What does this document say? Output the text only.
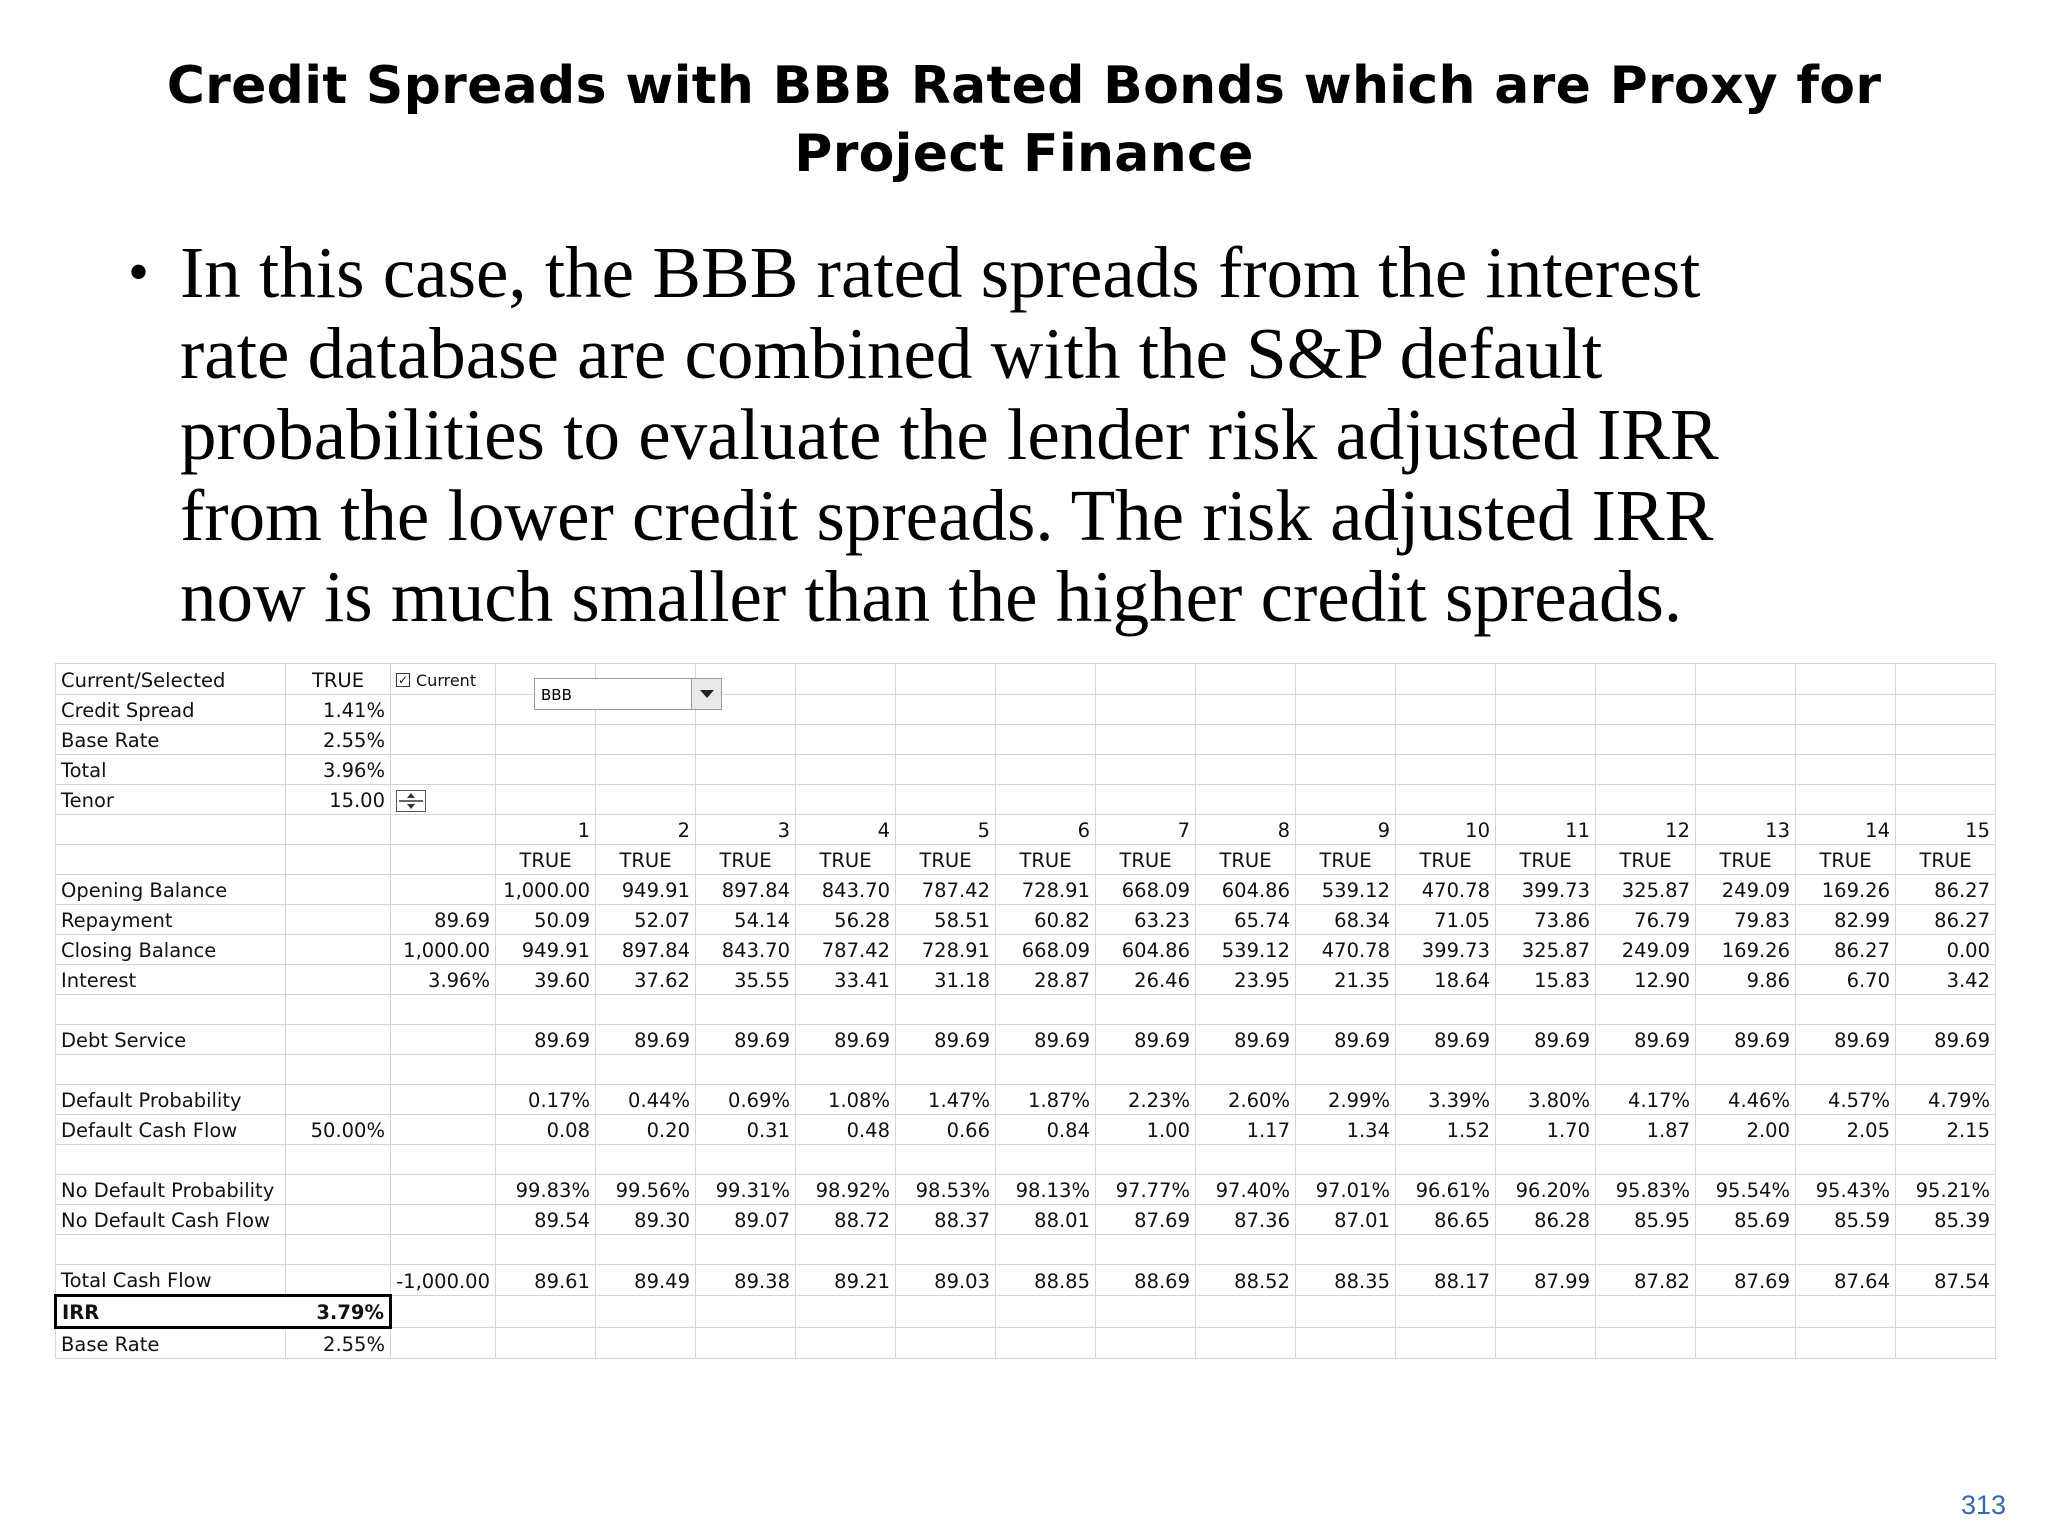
Credit Spreads with BBB Rated Bonds which are Proxy for
Project Finance
• In this case, the BBB rated spreads from the interest
rate database are combined with the S&P default
probabilities to evaluate the lender risk adjusted IRR
from the lower credit spreads. The risk adjusted IRR
now is much smaller than the higher credit spreads.
Current/Selected	TRUE	✓ Current															

Credit Spread	1.41%																
Base Rate	2.55%																
Total	3.96%																
Tenor	15.00	

			1	2	3	4	5	6	7	8	9	10	11	12	13	14	15
			TRUE	TRUE	TRUE	TRUE	TRUE	TRUE	TRUE	TRUE	TRUE	TRUE	TRUE	TRUE	TRUE	TRUE	TRUE
Opening Balance			1,000.00	949.91	897.84	843.70	787.42	728.91	668.09	604.86	539.12	470.78	399.73	325.87	249.09	169.26	86.27
Repayment		89.69	50.09	52.07	54.14	56.28	58.51	60.82	63.23	65.74	68.34	71.05	73.86	76.79	79.83	82.99	86.27
Closing Balance		1,000.00	949.91	897.84	843.70	787.42	728.91	668.09	604.86	539.12	470.78	399.73	325.87	249.09	169.26	86.27	0.00
Interest		3.96%	39.60	37.62	35.55	33.41	31.18	28.87	26.46	23.95	21.35	18.64	15.83	12.90	9.86	6.70	3.42

Debt Service			89.69	89.69	89.69	89.69	89.69	89.69	89.69	89.69	89.69	89.69	89.69	89.69	89.69	89.69	89.69

Default Probability			0.17%	0.44%	0.69%	1.08%	1.47%	1.87%	2.23%	2.60%	2.99%	3.39%	3.80%	4.17%	4.46%	4.57%	4.79%
Default Cash Flow	50.00%		0.08	0.20	0.31	0.48	0.66	0.84	1.00	1.17	1.34	1.52	1.70	1.87	2.00	2.05	2.15

No Default Probability			99.83%	99.56%	99.31%	98.92%	98.53%	98.13%	97.77%	97.40%	97.01%	96.61%	96.20%	95.83%	95.54%	95.43%	95.21%
No Default Cash Flow			89.54	89.30	89.07	88.72	88.37	88.01	87.69	87.36	87.01	86.65	86.28	85.95	85.69	85.59	85.39

Total Cash Flow		-1,000.00	89.61	89.49	89.38	89.21	89.03	88.85	88.69	88.52	88.35	88.17	87.99	87.82	87.69	87.64	87.54
IRR	3.79%																
Base Rate	2.55%																
BBB
313
